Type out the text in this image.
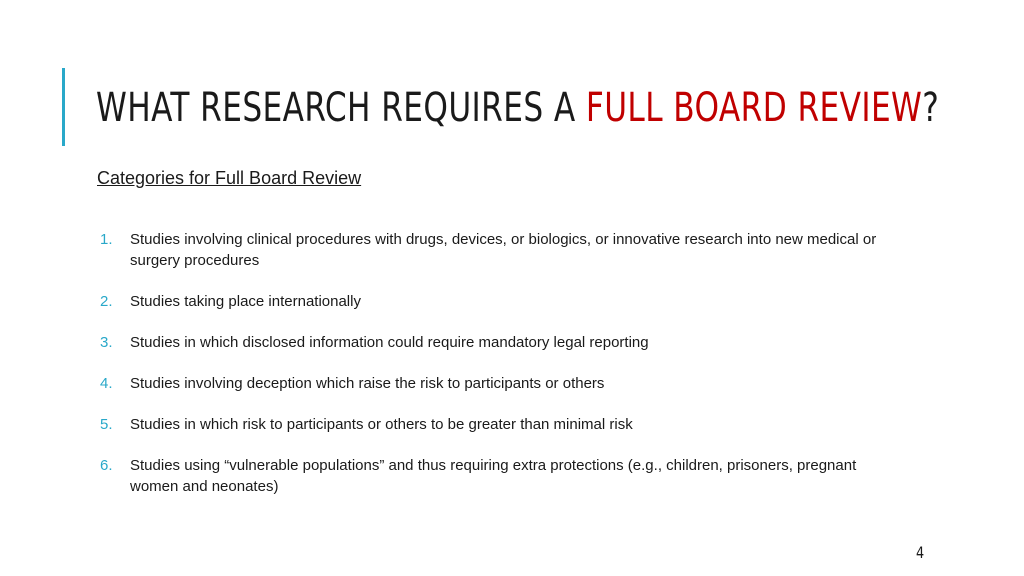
WHAT RESEARCH REQUIRES A FULL BOARD REVIEW?
Categories for Full Board Review
1. Studies involving clinical procedures with drugs, devices, or biologics, or innovative research into new medical or surgery procedures
2. Studies taking place internationally
3. Studies in which disclosed information could require mandatory legal reporting
4. Studies involving deception which raise the risk to participants or others
5. Studies in which risk to participants or others to be greater than minimal risk
6. Studies using “vulnerable populations” and thus requiring extra protections (e.g., children, prisoners, pregnant women and neonates)
4
